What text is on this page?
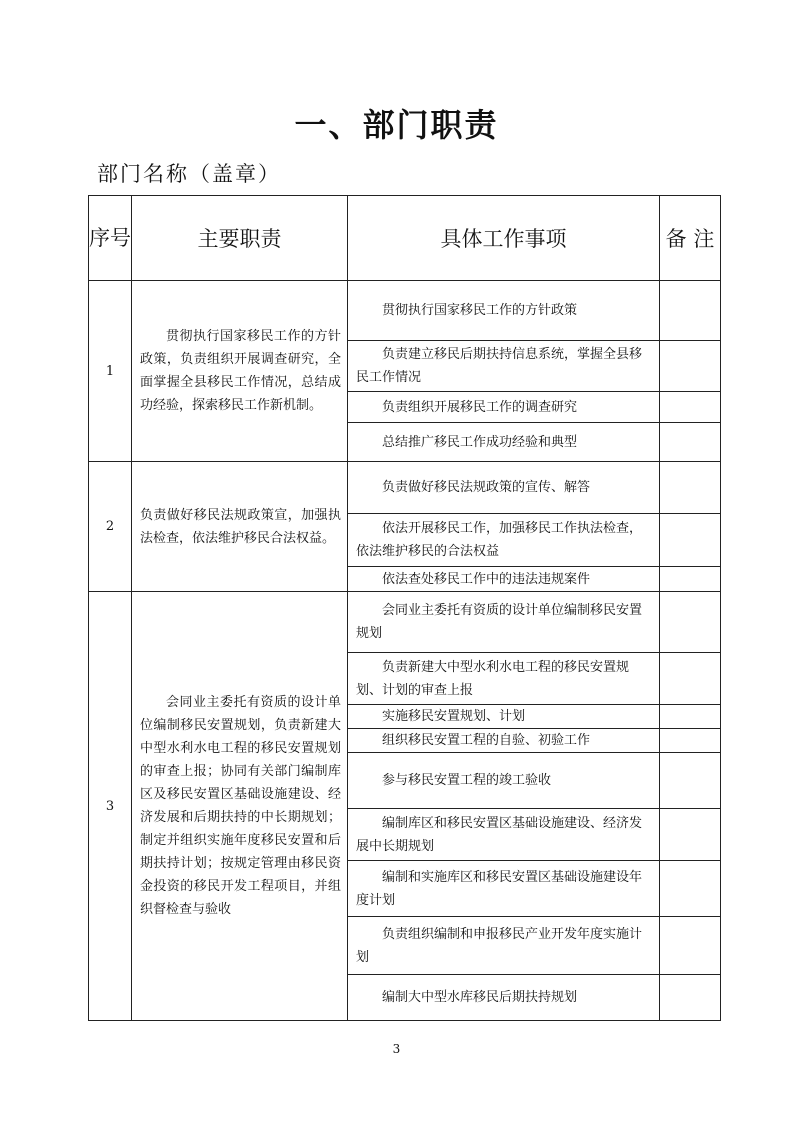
一、部门职责
部门名称（盖章）
序号	主要职责	具体工作事项	备 注
1	贯彻执行国家移民工作的方针政策，负责组织开展调查研究，全面掌握全县移民工作情况，总结成功经验，探索移民工作新机制。	贯彻执行国家移民工作的方针政策	

		负责建立移民后期扶持信息系统，掌握全县移民工作情况	

		负责组织开展移民工作的调查研究	

		总结推广移民工作成功经验和典型	

2	负责做好移民法规政策宣，加强执法检查，依法维护移民合法权益。	负责做好移民法规政策的宣传、解答	

		依法开展移民工作，加强移民工作执法检查，依法维护移民的合法权益	

		依法查处移民工作中的违法违规案件	

3	会同业主委托有资质的设计单位编制移民安置规划，负责新建大中型水利水电工程的移民安置规划的审查上报；协同有关部门编制库区及移民安置区基础设施建设、经济发展和后期扶持的中长期规划；制定并组织实施年度移民安置和后期扶持计划；按规定管理由移民资金投资的移民开发工程项目，并组织督检查与验收	会同业主委托有资质的设计单位编制移民安置规划	

		负责新建大中型水利水电工程的移民安置规划、计划的审查上报	

		实施移民安置规划、计划	

		组织移民安置工程的自验、初验工作	

		参与移民安置工程的竣工验收	

		编制库区和移民安置区基础设施建设、经济发展中长期规划	

		编制和实施库区和移民安置区基础设施建设年度计划	

		负责组织编制和申报移民产业开发年度实施计划	

		编制大中型水库移民后期扶持规划	

3
